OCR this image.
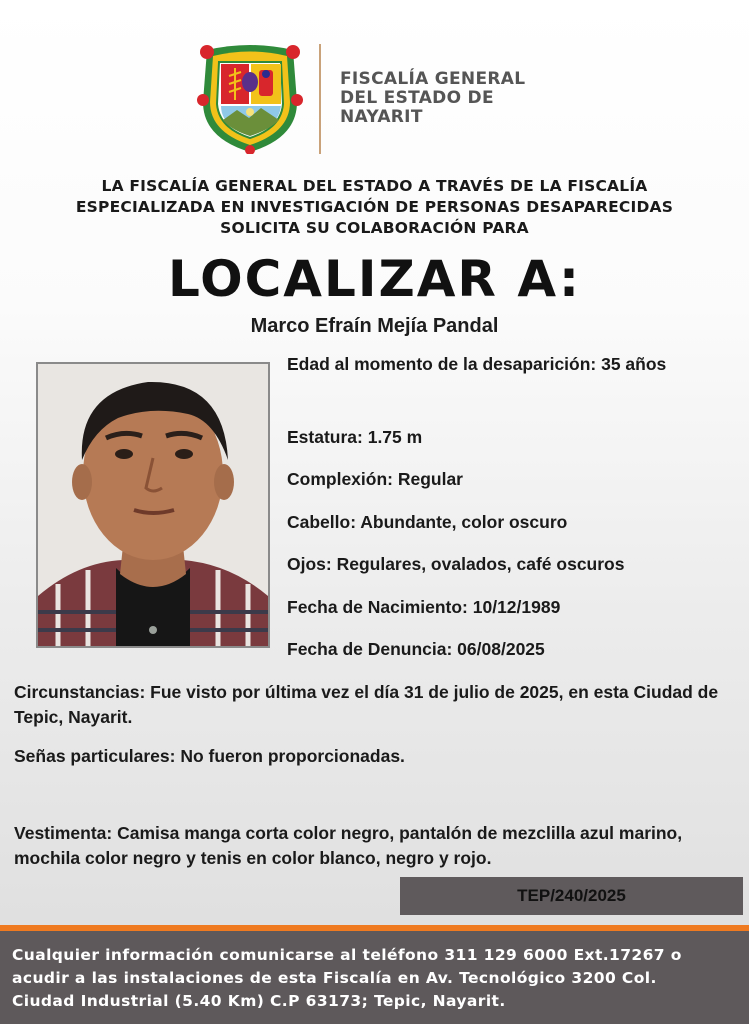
FISCALÍA GENERAL
DEL ESTADO DE
NAYARIT
LA FISCALÍA GENERAL DEL ESTADO A TRAVÉS DE LA FISCALÍA
ESPECIALIZADA EN INVESTIGACIÓN DE PERSONAS DESAPARECIDAS
SOLICITA SU COLABORACIÓN PARA
LOCALIZAR A:
Marco Efraín Mejía Pandal
Edad al momento de la desaparición: 35 años
Estatura: 1.75 m
Complexión: Regular
Cabello: Abundante, color oscuro
Ojos: Regulares, ovalados, café oscuros
Fecha de Nacimiento: 10/12/1989
Fecha de Denuncia: 06/08/2025
Circunstancias: Fue visto por última vez el día 31 de julio de 2025, en esta Ciudad de Tepic, Nayarit.
Señas particulares: No fueron proporcionadas.
Vestimenta: Camisa manga corta color negro, pantalón de mezclilla azul marino, mochila color negro y tenis en color blanco, negro y rojo.
TEP/240/2025
Cualquier información comunicarse al teléfono 311 129 6000 Ext.17267 o
acudir a las instalaciones de esta Fiscalía en Av. Tecnológico 3200 Col.
Ciudad Industrial (5.40 Km) C.P 63173; Tepic, Nayarit.
